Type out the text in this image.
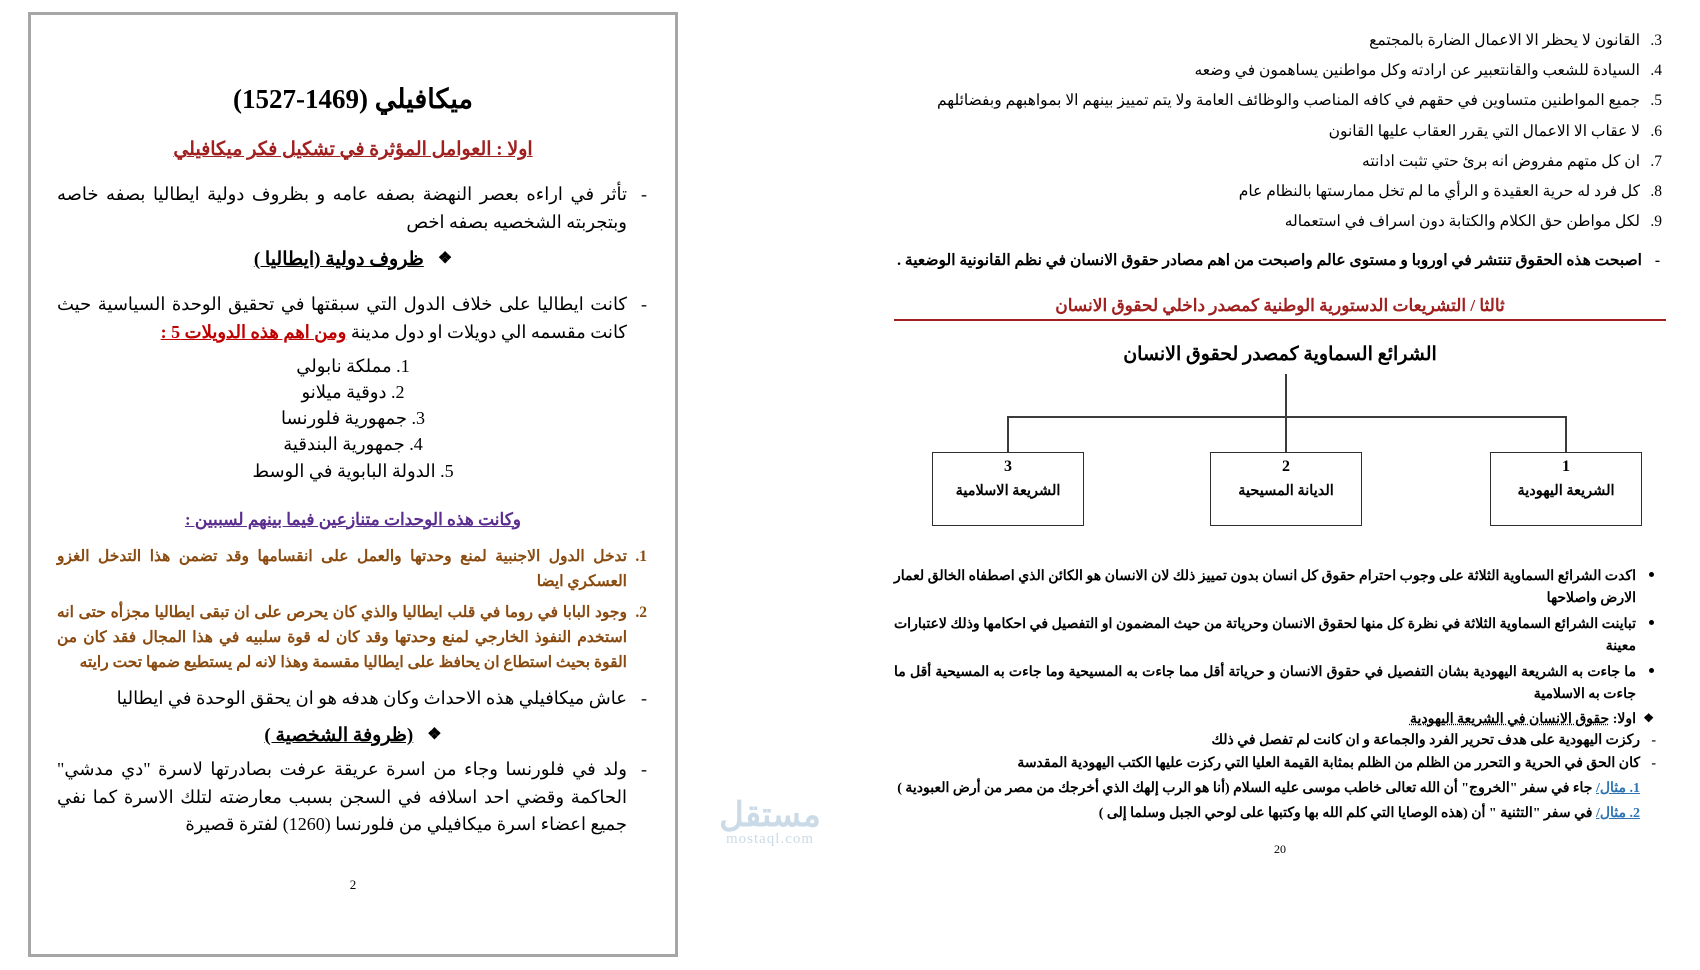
ميكافيلي (1469-1527)
اولا : العوامل المؤثرة في تشكيل فكر ميكافيلي
- تأثر في اراءه بعصر النهضة بصفه عامه و بظروف دولية ايطاليا بصفه خاصه وبتجربته الشخصيه بصفه اخص
❖ظروف دولية (ايطاليا )
- كانت ايطاليا على خلاف الدول التي سبقتها في تحقيق الوحدة السياسية حيث كانت مقسمه الي دويلات او دول مدينة ومن اهم هذه الدويلات 5 :
1. مملكة نابولي
2. دوقية ميلانو
3. جمهورية فلورنسا
4. جمهورية البندقية
5. الدولة البابوية في الوسط
وكانت هذه الوحدات متنازعين فيما بينهم لسببين :
1.
تدخل الدول الاجنبية لمنع وحدتها والعمل على انقسامها وقد تضمن هذا التدخل الغزو العسكري ايضا
2.
وجود البابا في روما في قلب ايطاليا والذي كان يحرص على ان تبقى ايطاليا مجزأه حتى انه استخدم النفوذ الخارجي لمنع وحدتها وقد كان له قوة سلبيه في هذا المجال فقد كان من القوة بحيث استطاع ان يحافظ على ايطاليا مقسمة وهذا لانه لم يستطيع ضمها تحت رايته
- عاش ميكافيلي هذه الاحداث وكان هدفه هو ان يحقق الوحدة في ايطاليا
❖(ظروفة الشخصية )
- ولد في فلورنسا وجاء من اسرة عريقة عرفت بصادرتها لاسرة "دي مدشي" الحاكمة وقضي احد اسلافه في السجن بسبب معارضته لتلك الاسرة كما نفي جميع اعضاء اسرة ميكافيلي من فلورنسا (1260) لفترة قصيرة
2
3.
القانون لا يحظر الا الاعمال الضارة بالمجتمع
4.
السيادة للشعب والقانتعبير عن ارادته وكل مواطنين يساهمون في وضعه
5.
جميع المواطنين متساوين في حقهم في كافه المناصب والوظائف العامة ولا يتم تمييز بينهم الا بمواهبهم وبفضائلهم
6.
لا عقاب الا الاعمال التي يقرر العقاب عليها القانون
7.
ان كل متهم مفروض انه برئ حتي تثبت ادانته
8.
كل فرد له حرية العقيدة و الرأي ما لم تخل ممارستها بالنظام عام
9.
لكل مواطن حق الكلام والكتابة دون اسراف في استعماله
- اصبحت هذه الحقوق تنتشر في اوروبا و مستوى عالم واصبحت من اهم مصادر حقوق الانسان في نظم القانونية الوضعية .
ثالثا / التشريعات الدستورية الوطنية كمصدر داخلي لحقوق الانسان
الشرائع السماوية كمصدر لحقوق الانسان
1
الشريعة اليهودية
2
الديانة المسيحية
3
الشريعة الاسلامية
اكدت الشرائع السماوية الثلاثة على وجوب احترام حقوق كل انسان بدون تمييز ذلك لان الانسان هو الكائن الذي اصطفاه الخالق لعمار الارض واصلاحها
تباينت الشرائع السماوية الثلاثة في نظرة كل منها لحقوق الانسان وحرياتة من حيث المضمون او التفصيل في احكامها وذلك لاعتبارات معينة
ما جاءت به الشريعة اليهودية بشان التفصيل في حقوق الانسان و حرياتة أقل مما جاءت به المسيحية وما جاءت به المسيحية أقل ما جاءت به الاسلامية
❖
اولا: حقوق الانسان في الشريعة اليهودية
- ركزت اليهودية على هدف تحرير الفرد والجماعة و ان كانت لم تفصل في ذلك
- كان الحق في الحرية و التحرر من الظلم من الظلم بمثابة القيمة العليا التي ركزت عليها الكتب اليهودية المقدسة
1. مثال/ جاء في سفر "الخروج" أن الله تعالى خاطب موسى عليه السلام (أنا هو الرب إلهك الذي أخرجك من مصر من أرض العبودية )
2. مثال/ في سفر "التثنية " أن (هذه الوصايا التي كلم الله بها وكتبها على لوحي الجبل وسلما إلى )
20
مستقل
mostaql.com
